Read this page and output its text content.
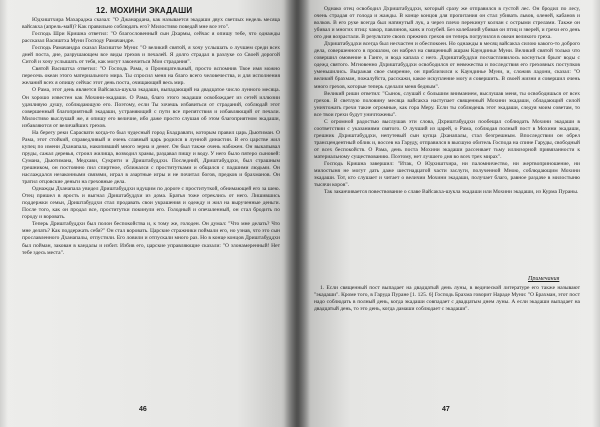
12. МОХИНИ ЭКАДАШИ

Юдхиштхира Махараджа сказал: "О Джанардана, как называется экадаши двух светлых недель месяца вайсакха (апрель-май)? Как правильно соблюдать его? Милостиво поведай мне все это".

Господь Шри Кришна ответил: "О благословенный сын Дхармы, сейчас я опишу тебе, что однажды рассказал Васиштха Муни Господу Рамачандре.

Господь Рамачандра сказал Васиштхе Муни: "О великий святой, я хочу услышать о лучшем среди всех дней поста, дне, разрушающем все виды грехов и печалей. Я долго страдал в разлуке со Своей дорогой Ситой и хочу услышать от тебя, как могут закончиться Мои страдания".

Святой Васиштха ответил: "О Господь Рама, о Проницательный, просто вспомнив Твое имя можно пересечь океан этого материального мира. Ты спросил меня на благо всего человечества, и для исполнения желаний всех я опишу сейчас этот день поста, очищающий весь мир.

О Рама, этот день является Вайсакха-шукла экадаши, выпадающий на двадцатое число лунного месяца. Он хорошо известен как Мохини-экадаши. О Рама, благо этого экадаши освобождает из сетей иллюзии удачливую душу, соблюдающую его. Поэтому, если Ты хочешь избавиться от страданий, соблюдай этот совершенный благоприятный экадаши, устраняющий с пути все препятствия и избавляющий от печали. Милостиво выслушай же, я опишу его величие, ибо даже просто слушая об этом благоприятном экадаши, избавляются от величайших грехов.

На берегу реки Сарасвати когда-то был чудесный город Бхадравати, которым правил царь Дьютиман. О Рама, этот стойкий, справедливый и очень славный царь родился в лунной династии. В его царстве жил купец по имени Дханапала, накопивший много зерна и денег. Он был также очень набожен. Он выкапывал пруды, сажал деревья, строил жилища, возводил храмы, раздавал пищу и воду. У него было пятеро сыновей: Сумана, Дьютимана, Медхави, Сукрити и Дриштабуддхи. Последний, Дриштабуддхи, был страшным грешником, он постоянно пил спиртное, сближался с проститутками и общался с падшими людьми. Он наслаждался незаконными связями, играл в азартные игры и не почитал богов, предков и брахманов. Он тратил отцовские деньги на греховные дела.

Однажды Дханапала увидел Дриштабуддхи идущим по дороге с проституткой, обнимающей его за шею. Отец пришел в ярость и выгнал Дриштабуддхи из дома. Братья тоже отреклись от него. Лишившись поддержки семьи, Дриштабуддхи стал продавать свои украшения и одежду и жил на вырученные деньги. После того, как он продал все, проститутки покинули его. Голодный и опечаленный, он стал бродить по городу и воровать.

Теперь Дриштабуддхи был полон беспокойства и, к тому же, голоден. Он думал: "Что мне делать? Что мне делать? Как поддержать себя?" Он стал воровать. Царские стражники поймали его, но узнав, что это сын прославленного Дханапалы, отпустили. Его ловили и отпускали много раз. Но в конце концов Дриштабуддхи был пойман, закован в кандалы и избит. Избив его, царские управляющие сказали: "О злонамеренный! Нет тебе здесь места".

46

Однако отец освободил Дхриштабуддхи, который сразу же отправился в густой лес. Он бродил по лесу, очень страдая от голода и жажды. В конце концов для пропитания он стал убивать львов, оленей, кабанов и волков. В его руке всегда был натянутый лук, а через плечо перекинут колчан с острыми стрелами. Также он убивал и многих птиц: чакор, павлинов, канк и голубей. Без колебаний убивая он птиц и зверей, и грехи его день ото дня возрастали. В результате своих прежних грехов он теперь погрузился в океан великого греха.

Дхриштабуддхи всегда был несчастен и обеспокоен. Но однажды в месяц вайсакха силою какого-то доброго дела, совершенного в прошлом, он набрел на священный ашрам Каундиньи Муни. Великий святой только что совершил омовение в Ганге, и вода капала с него. Дхриштабуддхи посчастливилось коснуться брызг воды с одежд святого. Мгновенно Дхриштабуддхи освободился от невежества и последствия его греховных поступков уменьшились. Выражая свое смирение, он приблизился к Каундинье Муни, и, сложив ладони, сказал: "О великий брахман, пожалуйста, расскажи, какое искупление могу я совершить. В своей жизни я совершил очень много грехов, которые теперь сделали меня бедным".

Великий риши ответил: "Сынок, слушай с большим вниманием, выслушав меня, ты освободишься от всех грехов. В светлую половину месяца вайсакха наступает священный Мохини экадаши, обладающий силой уничтожать грехи такие огромные, как гора Меру. Если ты соблюдешь этот экадаши, следуя моим советам, то все твои грехи будут уничтожены".

С огромной радостью выслушав эти слова, Дхриштабуддхи пообещал соблюдать Мохини экадаши в соответствии с указаниями святого. О лучший из царей, о Рама, соблюдая полный пост в Мохини экадаши, грешник Дхриштабуддхи, непутевый сын купца Дханапалы, стал безгрешным. Впоследствии он обрел трансцендентный облик и, воссев на Гаруду, отправился в высшую обитель Господа на спине Гаруды, свободный от всех беспокойств. О Рама, день поста Мохини экадаши рассеивает тьму иллюзорной привязанности к материальному существованию. Поэтому, нет лучшего дня во всех трех мирах".

Господь Кришна завершил: "Итак, О Юдхиштхира, ни паломничество, ни жертвоприношение, ни милостыня не могут дать даже шестнадцатой части заслуги, полученной Мною, соблюдающим Мохини экадаши. Тот, кто слушает и читает о величии Мохини экадаши, получает благо, равное раздаче в милостыню тысячи коров".

Так заканчивается повествование о славе Вайсакха-шукла экадаши или Мохини экадаши, из Курма Пураны.

Примечания

1. Если священный пост выпадает на двадцатый день луны, в ведической литературе его также называют "экадаши". Кроме того, в Гаруда Пуране [1. 125. 6] Господь Брахма говорит Нараде Муни: "О Брахман, этот пост надо соблюдать в полный день, когда экадаши совпадает с двадцатым днем луны. А если экадаши выпадает на двадцатый день, то это день, когда дамаши соблюдает с экадаши".

47
